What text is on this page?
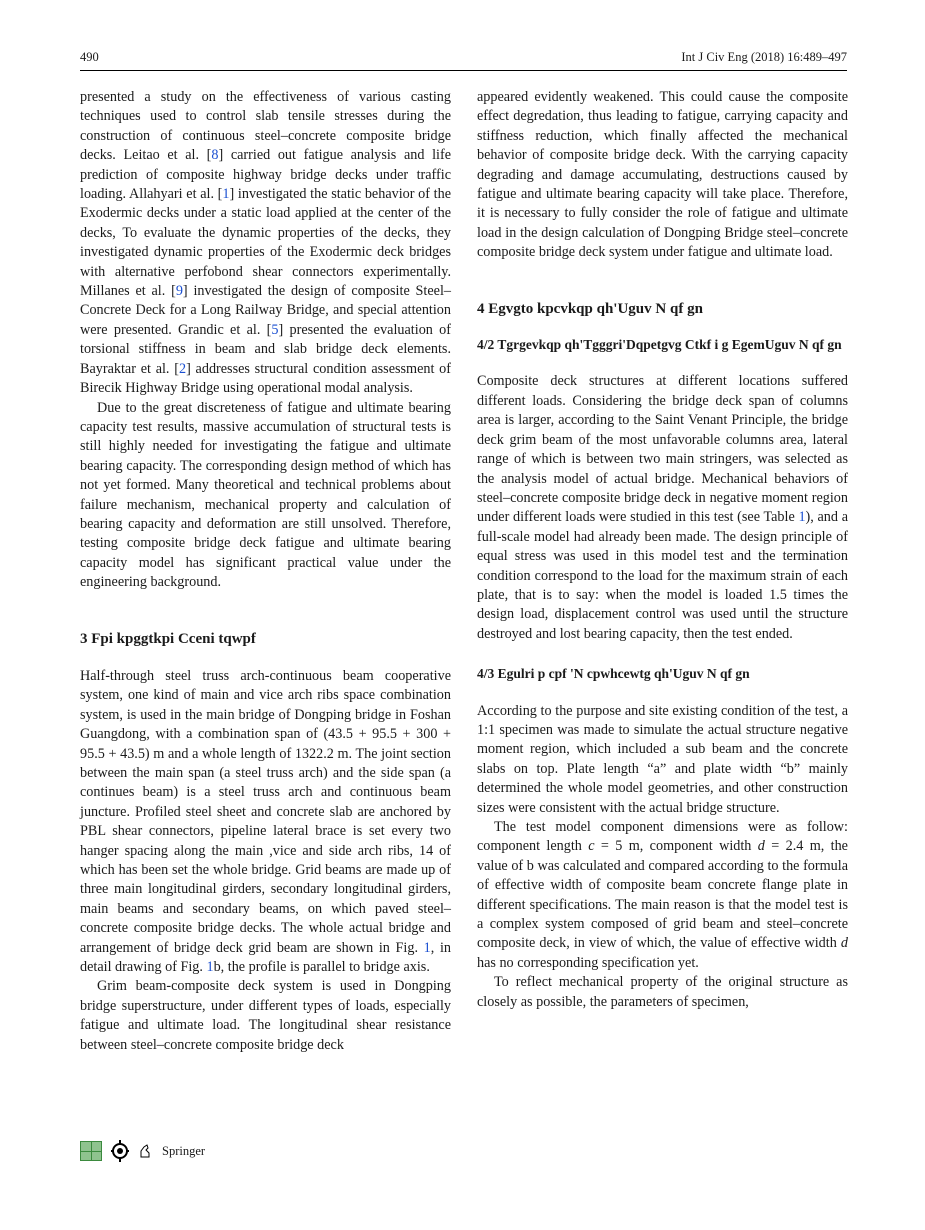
490	Int J Civ Eng (2018) 16:489–497

presented a study on the effectiveness of various casting techniques used to control slab tensile stresses during the construction of continuous steel–concrete composite bridge decks. Leitao et al. [8] carried out fatigue analysis and life prediction of composite highway bridge decks under traffic loading. Allahyari et al. [1] investigated the static behavior of the Exodermic decks under a static load applied at the center of the decks, To evaluate the dynamic properties of the decks, they investigated dynamic properties of the Exodermic deck bridges with alternative perfobond shear connectors experimentally. Millanes et al. [9] investigated the design of composite Steel–Concrete Deck for a Long Railway Bridge, and special attention were presented. Grandic et al. [5] presented the evaluation of torsional stiffness in beam and slab bridge deck elements. Bayraktar et al. [2] addresses structural condition assessment of Birecik Highway Bridge using operational modal analysis.

Due to the great discreteness of fatigue and ultimate bearing capacity test results, massive accumulation of structural tests is still highly needed for investigating the fatigue and ultimate bearing capacity. The corresponding design method of which has not yet formed. Many theoretical and technical problems about failure mechanism, mechanical property and calculation of bearing capacity and deformation are still unsolved. Therefore, testing composite bridge deck fatigue and ultimate bearing capacity model has significant practical value under the engineering background.

3 Fpi kpggtkpi Cceni tqwpf

Half-through steel truss arch-continuous beam cooperative system, one kind of main and vice arch ribs space combination system, is used in the main bridge of Dongping bridge in Foshan Guangdong, with a combination span of (43.5 + 95.5 + 300 + 95.5 + 43.5) m and a whole length of 1322.2 m. The joint section between the main span (a steel truss arch) and the side span (a continues beam) is a steel truss arch and continuous beam juncture. Profiled steel sheet and concrete slab are anchored by PBL shear connectors, pipeline lateral brace is set every two hanger spacing along the main ,vice and side arch ribs, 14 of which has been set the whole bridge. Grid beams are made up of three main longitudinal girders, secondary longitudinal girders, main beams and secondary beams, on which paved steel–concrete composite bridge decks. The whole actual bridge and arrangement of bridge deck grid beam are shown in Fig. 1, in detail drawing of Fig. 1b, the profile is parallel to bridge axis.

Grim beam-composite deck system is used in Dongping bridge superstructure, under different types of loads, especially fatigue and ultimate load. The longitudinal shear resistance between steel–concrete composite bridge deck

appeared evidently weakened. This could cause the composite effect degredation, thus leading to fatigue, carrying capacity and stiffness reduction, which finally affected the mechanical behavior of composite bridge deck. With the carrying capacity degrading and damage accumulating, destructions caused by fatigue and ultimate bearing capacity will take place. Therefore, it is necessary to fully consider the role of fatigue and ultimate load in the design calculation of Dongping Bridge steel–concrete composite bridge deck system under fatigue and ultimate load.

4 Egvgto kpcvkqp qh'Uguv N qf gn
4/2 Tgrgevkqp qh'Tgggri'Dqpetgvg Ctkf i g EgemUguv N qf gn

Composite deck structures at different locations suffered different loads. Considering the bridge deck span of columns area is larger, according to the Saint Venant Principle, the bridge deck grim beam of the most unfavorable columns area, lateral range of which is between two main stringers, was selected as the analysis model of actual bridge. Mechanical behaviors of steel–concrete composite bridge deck in negative moment region under different loads were studied in this test (see Table 1), and a full-scale model had already been made. The design principle of equal stress was used in this model test and the termination condition correspond to the load for the maximum strain of each plate, that is to say: when the model is loaded 1.5 times the design load, displacement control was used until the structure destroyed and lost bearing capacity, then the test ended.

4/3 Egulri p cpf 'N cpwhcewtg qh'Uguv N qf gn

According to the purpose and site existing condition of the test, a 1:1 specimen was made to simulate the actual structure negative moment region, which included a sub beam and the concrete slabs on top. Plate length “a” and plate width “b” mainly determined the whole model geometries, and other construction sizes were consistent with the actual bridge structure.

The test model component dimensions were as follow: component length c = 5 m, component width d = 2.4 m, the value of b was calculated and compared according to the formula of effective width of composite beam concrete flange plate in different specifications. The main reason is that the model test is a complex system composed of grid beam and steel–concrete composite deck, in view of which, the value of effective width d has no corresponding specification yet.

To reflect mechanical property of the original structure as closely as possible, the parameters of specimen,

Springer
